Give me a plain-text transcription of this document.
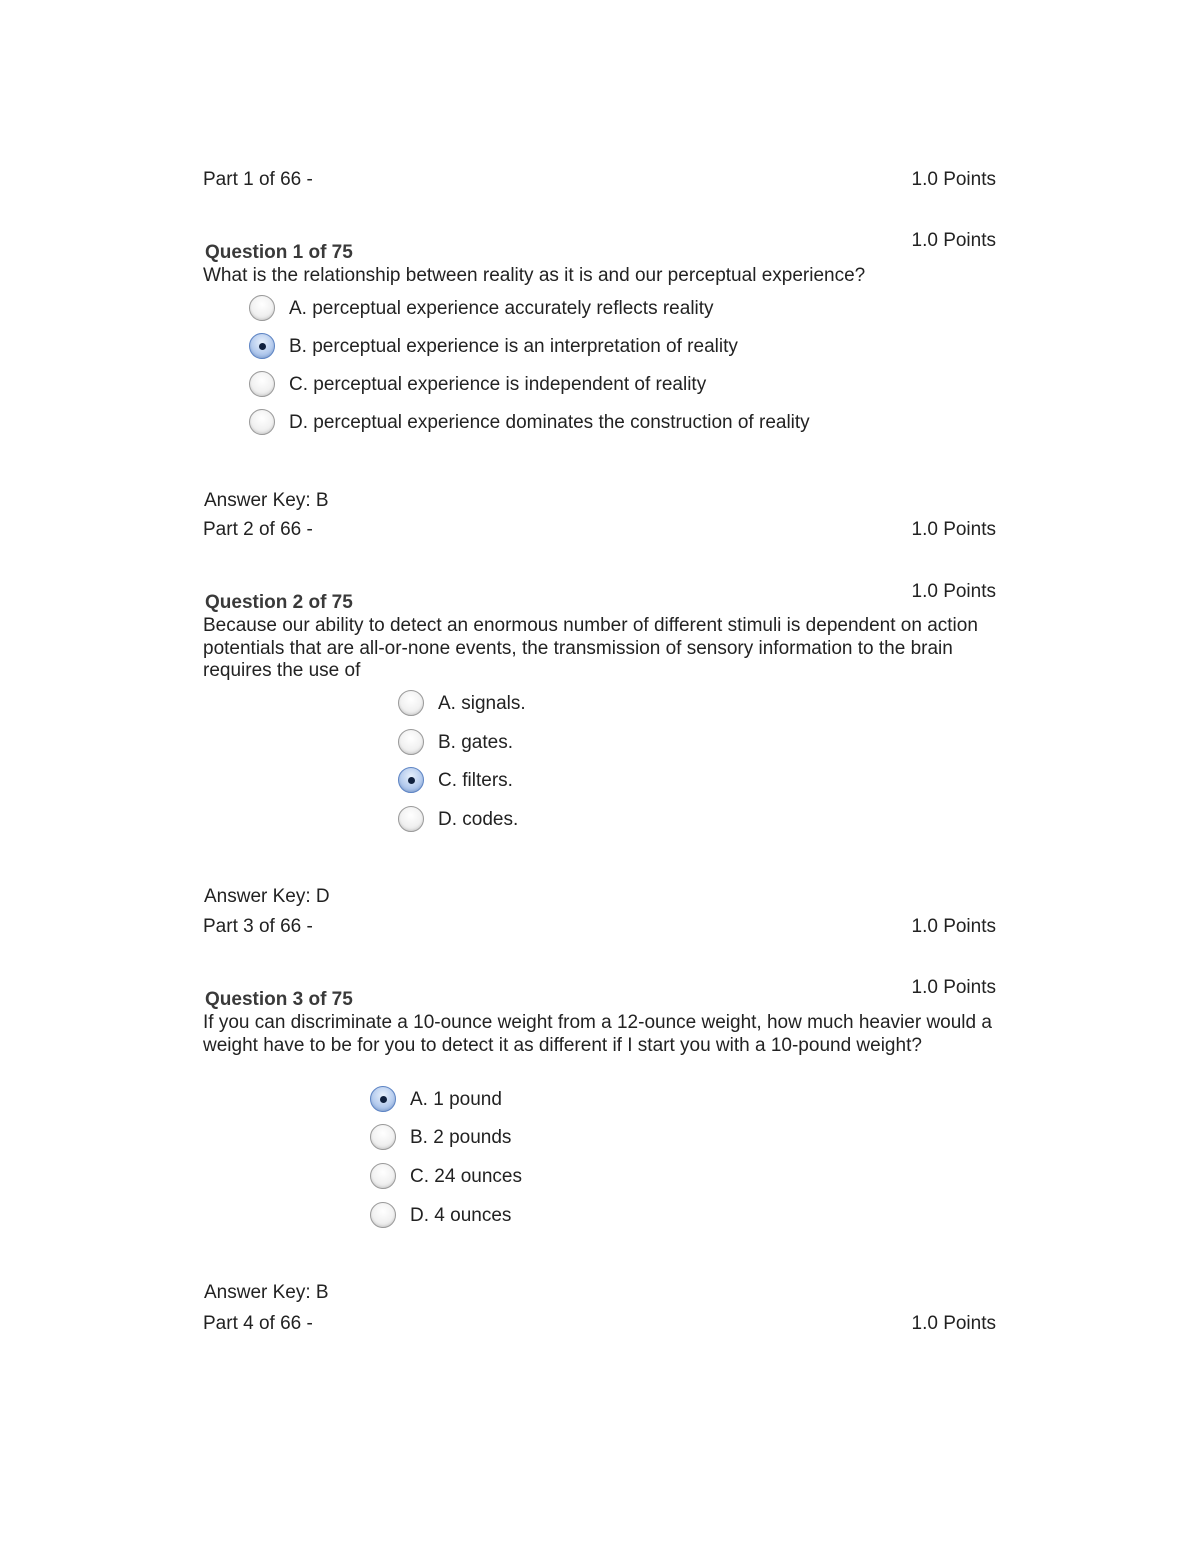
Part 1 of 66 -	1.0 Points
1.0 Points
Question 1 of 75
What is the relationship between reality as it is and our perceptual experience?
A. perceptual experience accurately reflects reality
B. perceptual experience is an interpretation of reality
C. perceptual experience is independent of reality
D. perceptual experience dominates the construction of reality
Answer Key: B
Part 2 of 66 -	1.0 Points
1.0 Points
Question 2 of 75
Because our ability to detect an enormous number of different stimuli is dependent on action potentials that are all-or-none events, the transmission of sensory information to the brain requires the use of
A. signals.
B. gates.
C. filters.
D. codes.
Answer Key: D
Part 3 of 66 -	1.0 Points
1.0 Points
Question 3 of 75
If you can discriminate a 10-ounce weight from a 12-ounce weight, how much heavier would a weight have to be for you to detect it as different if I start you with a 10-pound weight?
A. 1 pound
B. 2 pounds
C. 24 ounces
D. 4 ounces
Answer Key: B
Part 4 of 66 -	1.0 Points
